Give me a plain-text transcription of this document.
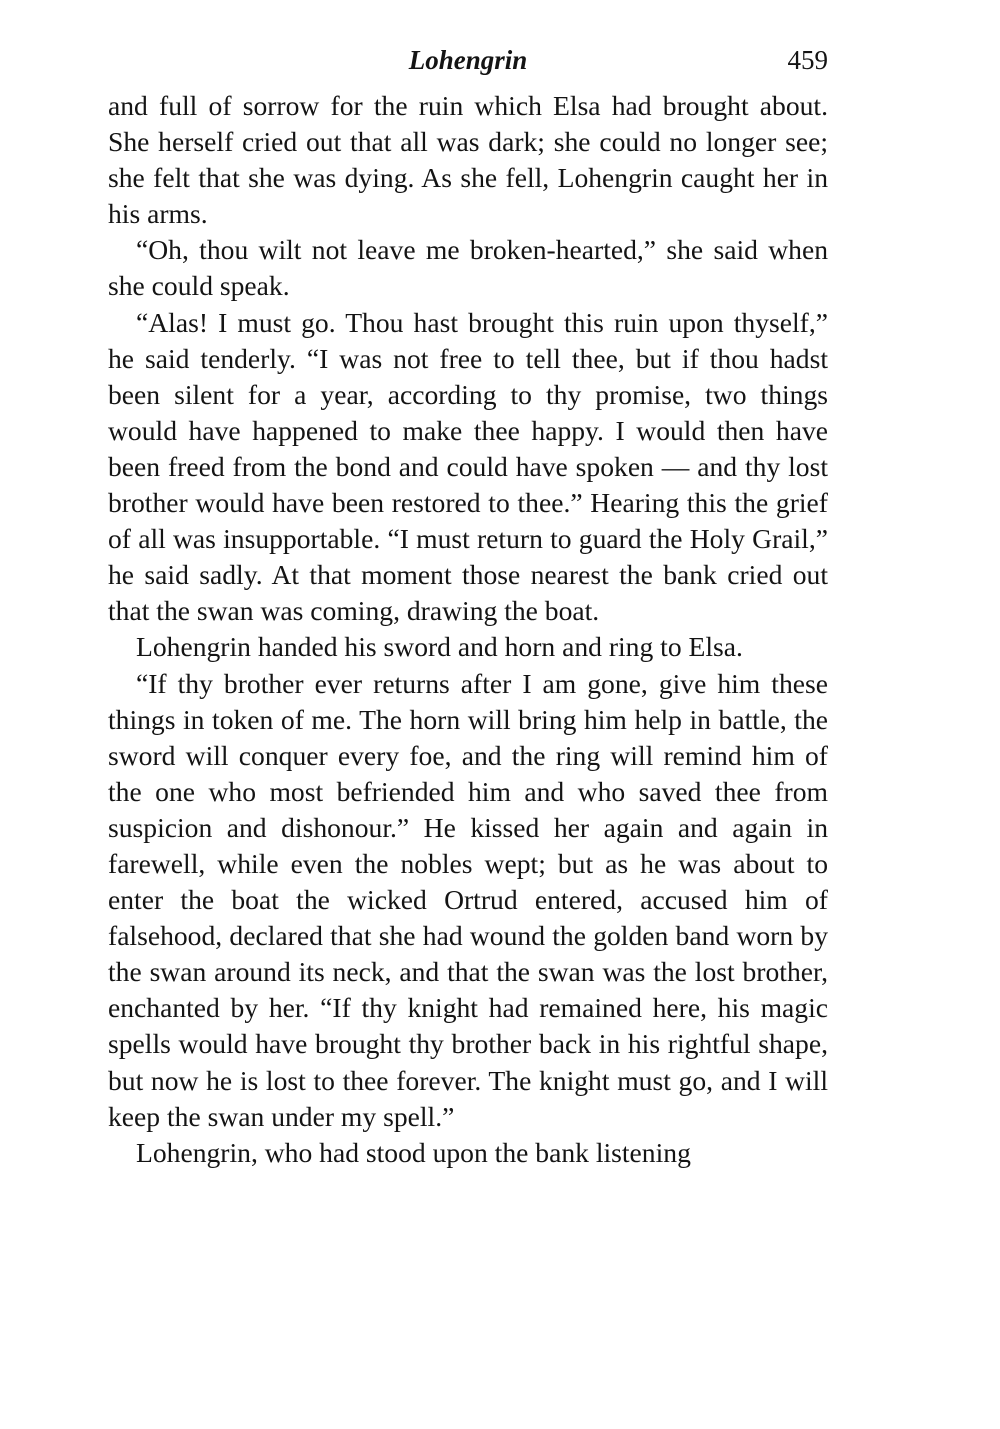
Lohengrin	459

and full of sorrow for the ruin which Elsa had brought about. She herself cried out that all was dark; she could no longer see; she felt that she was dying. As she fell, Lohengrin caught her in his arms.

“Oh, thou wilt not leave me broken-hearted,” she said when she could speak.

“Alas! I must go. Thou hast brought this ruin upon thyself,” he said tenderly. “I was not free to tell thee, but if thou hadst been silent for a year, according to thy promise, two things would have happened to make thee happy. I would then have been freed from the bond and could have spoken — and thy lost brother would have been restored to thee.” Hearing this the grief of all was insupportable. “I must return to guard the Holy Grail,” he said sadly. At that moment those nearest the bank cried out that the swan was coming, drawing the boat.

Lohengrin handed his sword and horn and ring to Elsa.

“If thy brother ever returns after I am gone, give him these things in token of me. The horn will bring him help in battle, the sword will conquer every foe, and the ring will remind him of the one who most befriended him and who saved thee from suspicion and dishonour.” He kissed her again and again in farewell, while even the nobles wept; but as he was about to enter the boat the wicked Ortrud entered, accused him of falsehood, declared that she had wound the golden band worn by the swan around its neck, and that the swan was the lost brother, enchanted by her. “If thy knight had remained here, his magic spells would have brought thy brother back in his rightful shape, but now he is lost to thee forever. The knight must go, and I will keep the swan under my spell.”

Lohengrin, who had stood upon the bank listening
